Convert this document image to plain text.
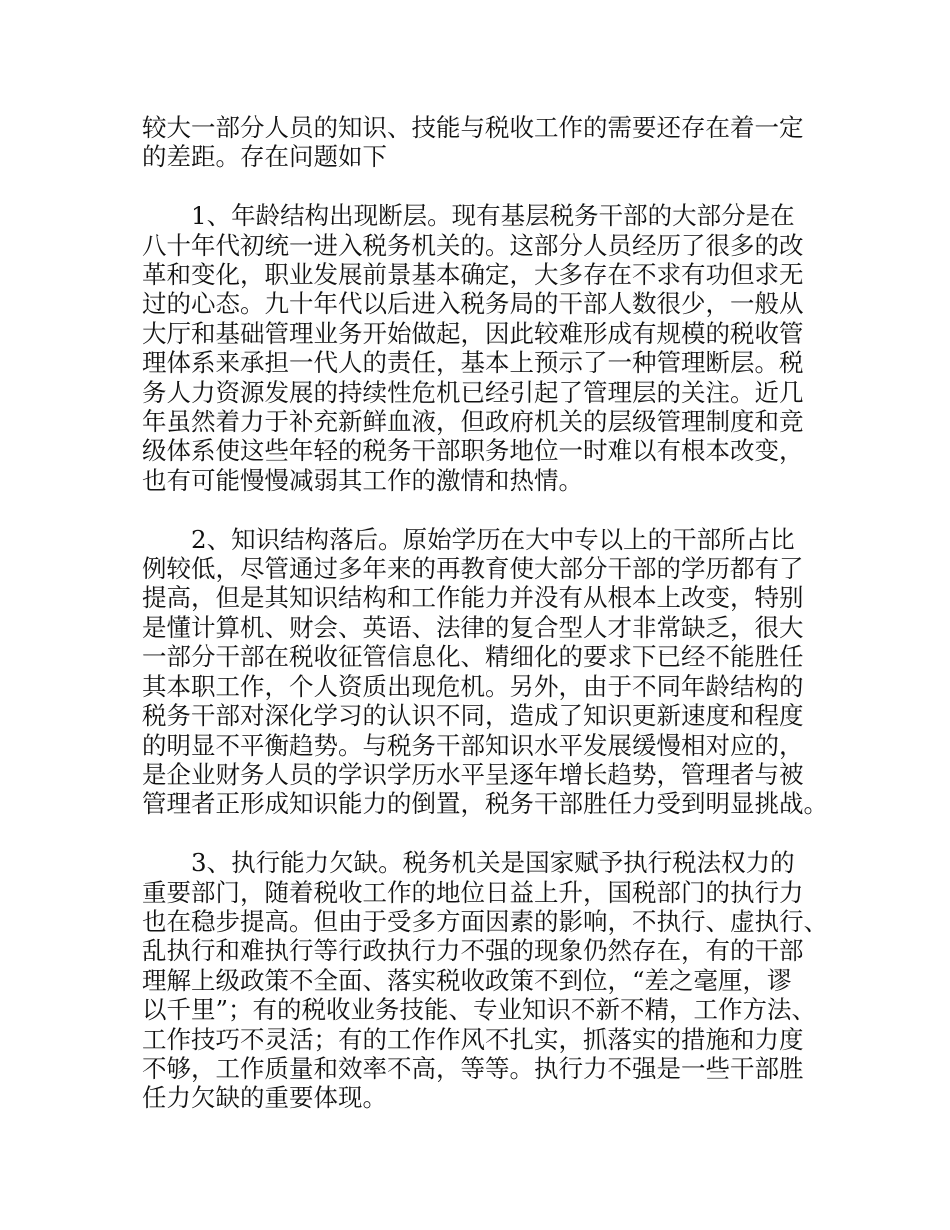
较大一部分人员的知识、技能与税收工作的需要还存在着一定
的差距。存在问题如下
1、年龄结构出现断层。现有基层税务干部的大部分是在
八十年代初统一进入税务机关的。这部分人员经历了很多的改
革和变化，职业发展前景基本确定，大多存在不求有功但求无
过的心态。九十年代以后进入税务局的干部人数很少，一般从
大厅和基础管理业务开始做起，因此较难形成有规模的税收管
理体系来承担一代人的责任，基本上预示了一种管理断层。税
务人力资源发展的持续性危机已经引起了管理层的关注。近几
年虽然着力于补充新鲜血液，但政府机关的层级管理制度和竞
级体系使这些年轻的税务干部职务地位一时难以有根本改变，
也有可能慢慢减弱其工作的激情和热情。
2、知识结构落后。原始学历在大中专以上的干部所占比
例较低，尽管通过多年来的再教育使大部分干部的学历都有了
提高，但是其知识结构和工作能力并没有从根本上改变，特别
是懂计算机、财会、英语、法律的复合型人才非常缺乏，很大
一部分干部在税收征管信息化、精细化的要求下已经不能胜任
其本职工作，个人资质出现危机。另外，由于不同年龄结构的
税务干部对深化学习的认识不同，造成了知识更新速度和程度
的明显不平衡趋势。与税务干部知识水平发展缓慢相对应的，
是企业财务人员的学识学历水平呈逐年增长趋势，管理者与被
管理者正形成知识能力的倒置，税务干部胜任力受到明显挑战。
3、执行能力欠缺。税务机关是国家赋予执行税法权力的
重要部门，随着税收工作的地位日益上升，国税部门的执行力
也在稳步提高。但由于受多方面因素的影响，不执行、虚执行、
乱执行和难执行等行政执行力不强的现象仍然存在，有的干部
理解上级政策不全面、落实税收政策不到位，“差之毫厘，谬
以千里”；有的税收业务技能、专业知识不新不精，工作方法、
工作技巧不灵活；有的工作作风不扎实，抓落实的措施和力度
不够，工作质量和效率不高，等等。执行力不强是一些干部胜
任力欠缺的重要体现。
